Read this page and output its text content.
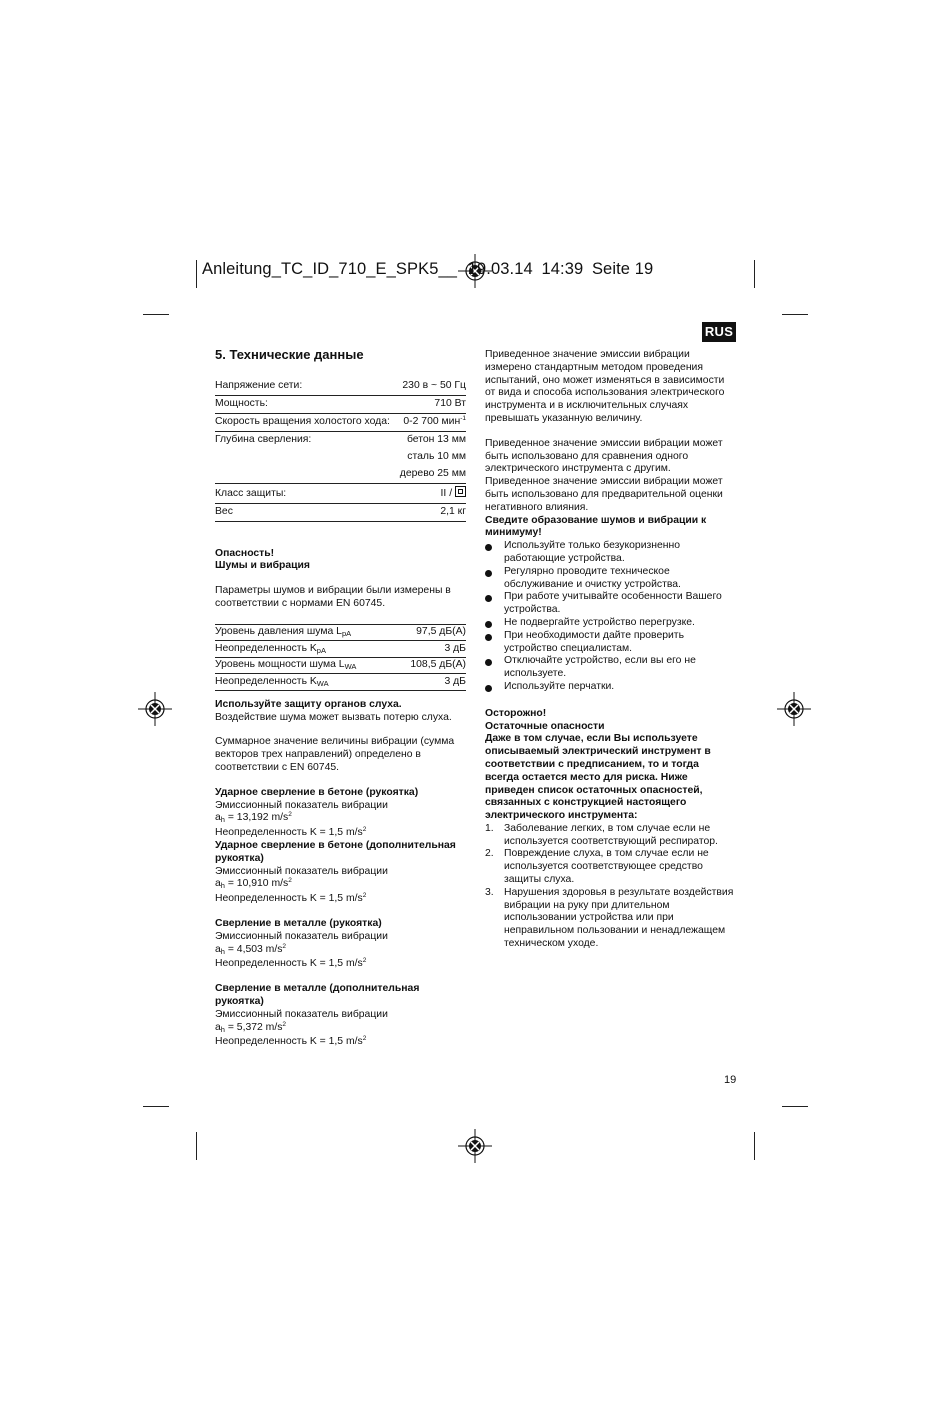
Anleitung_TC_ID_710_E_SPK5__ 19.03.14 14:39 Seite 19
RUS
5. Технические данные
Напряжение сети:	230 в ~ 50 Гц
Мощность:	710 Вт
Скорость вращения холостого хода:	0-2 700 мин$^{-1}$
Глубина сверления:	бетон 13 мм
	сталь 10 мм
	дерево 25 мм
Класс защиты:	II /

Вес	2,1 кг

Опасность!

Шумы и вибрация

Параметры шумов и вибрации были измерены в соответствии с нормами EN 60745.

Уровень давления шума $L_{pA}$	97,5 дБ(А)
Неопределенность $K_{pA}$	3 дБ
Уровень мощности шума $L_{WA}$	108,5 дБ(А)
Неопределенность $K_{WA}$	3 дБ

Используйте защиту органов слуха.

Воздействие шума может вызвать потерю слуха.

Суммарное значение величины вибрации (сумма векторов трех направлений) определено в соответствии с EN 60745.

Ударное сверление в бетоне (рукоятка)

Эмиссионный показатель вибрации

$a_h = 13,192$ $m/s^2$

Неопределенность K = 1,5 $m/s^2$

Ударное сверление в бетоне (дополнительная рукоятка)

Эмиссионный показатель вибрации

$a_h = 10,910$ $m/s^2$

Неопределенность K = 1,5 $m/s^2$

Сверление в металле (рукоятка)

Эмиссионный показатель вибрации

$a_h = 4,503$ $m/s^2$

Неопределенность K = 1,5 $m/s^2$

Сверление в металле (дополнительная рукоятка)

Эмиссионный показатель вибрации

$a_h = 5,372$ $m/s^2$

Неопределенность K = 1,5 $m/s^2$

Приведенное значение эмиссии вибрации измерено стандартным методом проведения испытаний, оно может изменяться в зависимости от вида и способа использования электрического инструмента и в исключительных случаях превышать указанную величину.

Приведенное значение эмиссии вибрации может быть использовано для сравнения одного электрического инструмента с другим.

Приведенное значение эмиссии вибрации может быть использовано для предварительной оценки негативного влияния.

Сведите образование шумов и вибрации к минимуму!

Используйте только безукоризненно работающие устройства.
Регулярно проводите техническое обслуживание и очистку устройства.
При работе учитывайте особенности Вашего устройства.
Не подвергайте устройство перегрузке.
При необходимости дайте проверить устройство специалистам.
Отключайте устройство, если вы его не используете.
Используйте перчатки.

Осторожно!

Остаточные опасности

Даже в том случае, если Вы используете описываемый электрический инструмент в соответствии с предписанием, то и тогда всегда остается место для риска. Ниже приведен список остаточных опасностей, связанных с конструкцией настоящего электрического инструмента:

1. Заболевание легких, в том случае если не используется соответствующий респиратор.
2. Повреждение слуха, в том случае если не используется соответствующее средство защиты слуха.
3. Нарушения здоровья в результате воздействия вибрации на руку при длительном использовании устройства или при неправильном пользовании и ненадлежащем техническом уходе.
19
